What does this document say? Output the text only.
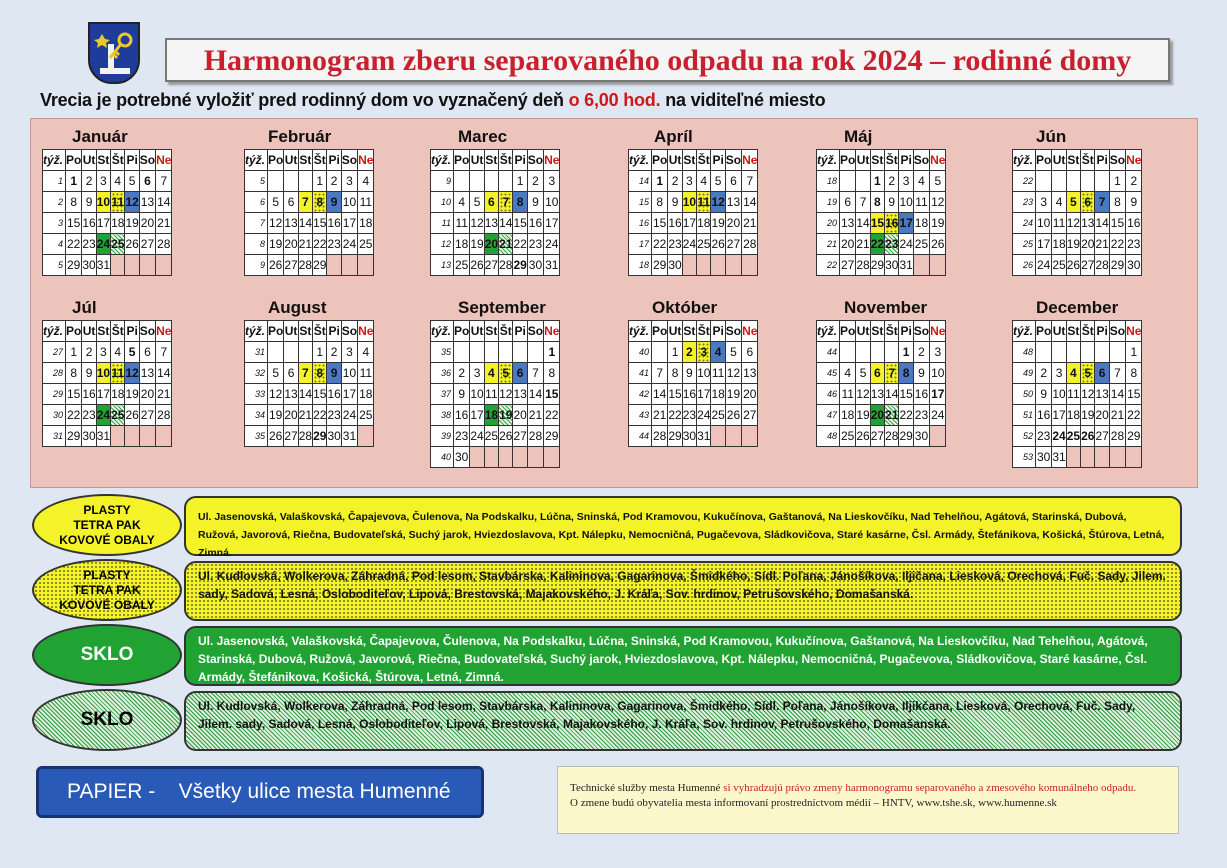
Harmonogram zberu separovaného odpadu na rok 2024 – rodinné domy
Vrecia je potrebné vyložiť pred rodinný dom vo vyznačený deň o 6,00 hod. na viditeľné miesto
Január
týž.	Po	Ut	St	Št	Pi	So	Ne
1	1	2	3	4	5	6	7
2	8	9	10	11	12	13	14
3	15	16	17	18	19	20	21
4	22	23	24	25	26	27	28
5	29	30	31				
Február
týž.	Po	Ut	St	Št	Pi	So	Ne
5				1	2	3	4
6	5	6	7	8	9	10	11
7	12	13	14	15	16	17	18
8	19	20	21	22	23	24	25
9	26	27	28	29			
Marec
týž.	Po	Ut	St	Št	Pi	So	Ne
9					1	2	3
10	4	5	6	7	8	9	10
11	11	12	13	14	15	16	17
12	18	19	20	21	22	23	24
13	25	26	27	28	29	30	31
Apríl
týž.	Po	Ut	St	Št	Pi	So	Ne
14	1	2	3	4	5	6	7
15	8	9	10	11	12	13	14
16	15	16	17	18	19	20	21
17	22	23	24	25	26	27	28
18	29	30					
Máj
týž.	Po	Ut	St	Št	Pi	So	Ne
18			1	2	3	4	5
19	6	7	8	9	10	11	12
20	13	14	15	16	17	18	19
21	20	21	22	23	24	25	26
22	27	28	29	30	31		
Jún
týž.	Po	Ut	St	Št	Pi	So	Ne
22						1	2
23	3	4	5	6	7	8	9
24	10	11	12	13	14	15	16
25	17	18	19	20	21	22	23
26	24	25	26	27	28	29	30
Júl
týž.	Po	Ut	St	Št	Pi	So	Ne
27	1	2	3	4	5	6	7
28	8	9	10	11	12	13	14
29	15	16	17	18	19	20	21
30	22	23	24	25	26	27	28
31	29	30	31				
August
týž.	Po	Ut	St	Št	Pi	So	Ne
31				1	2	3	4
32	5	6	7	8	9	10	11
33	12	13	14	15	16	17	18
34	19	20	21	22	23	24	25
35	26	27	28	29	30	31	
September
týž.	Po	Ut	St	Št	Pi	So	Ne
35							1
36	2	3	4	5	6	7	8
37	9	10	11	12	13	14	15
38	16	17	18	19	20	21	22
39	23	24	25	26	27	28	29
40	30						
Október
týž.	Po	Ut	St	Št	Pi	So	Ne
40		1	2	3	4	5	6
41	7	8	9	10	11	12	13
42	14	15	16	17	18	19	20
43	21	22	23	24	25	26	27
44	28	29	30	31			
November
týž.	Po	Ut	St	Št	Pi	So	Ne
44					1	2	3
45	4	5	6	7	8	9	10
46	11	12	13	14	15	16	17
47	18	19	20	21	22	23	24
48	25	26	27	28	29	30	
December
týž.	Po	Ut	St	Št	Pi	So	Ne
48							1
49	2	3	4	5	6	7	8
50	9	10	11	12	13	14	15
51	16	17	18	19	20	21	22
52	23	24	25	26	27	28	29
53	30	31					
PLASTY
TETRA PAK
KOVOVÉ OBALY
Ul. Jasenovská, Valaškovská, Čapajevova, Čulenova, Na Podskalku, Lúčna, Sninská, Pod Kramovou, Kukučínova, Gaštanová, Na Lieskovčíku, Nad Tehelňou, Agátová, Starinská, Dubová, Ružová, Javorová, Riečna, Budovateľská, Suchý jarok, Hviezdoslavova, Kpt. Nálepku, Nemocničná, Pugačevova, Sládkovičova, Staré kasárne, Čsl. Armády, Štefánikova, Košická, Štúrova, Letná, Zimná.
PLASTY
TETRA PAK
KOVOVÉ OBALY
Ul. Kudlovská, Wolkerova, Záhradná, Pod lesom, Stavbárska, Kalininova, Gagarinova, Šmidkého, Sídl. Poľana, Jánošíkova, Iljičana, Liesková, Orechová, Fuč. Sady, Jilem. sady, Sadová, Lesná, Osloboditeľov, Lipová, Brestovská, Majakovského, J. Kráľa, Sov. hrdinov, Petrušovského, Domašanská.
SKLO
Ul. Jasenovská, Valaškovská, Čapajevova, Čulenova, Na Podskalku, Lúčna, Sninská, Pod Kramovou, Kukučínova, Gaštanová, Na Lieskovčíku, Nad Tehelňou, Agátová, Starinská, Dubová, Ružová, Javorová, Riečna, Budovateľská, Suchý jarok, Hviezdoslavova, Kpt. Nálepku, Nemocničná, Pugačevova, Sládkovičova, Staré kasárne, Čsl. Armády, Štefánikova, Košická, Štúrova, Letná, Zimná.
SKLO
Ul. Kudlovská, Wolkerova, Záhradná, Pod lesom, Stavbárska, Kalininova, Gagarinova, Šmidkého, Sídl. Poľana, Jánošíkova, Iljikčana, Liesková, Orechová, Fuč. Sady, Jilem. sady, Sadová, Lesná, Osloboditeľov, Lipová, Brestovská, Majakovského, J. Kráľa, Sov. hrdinov, Petrušovského, Domašanská.
PAPIER -    Všetky ulice mesta Humenné	Technické služby mesta Humenné si vyhradzujú právo zmeny harmonogramu separovaného a zmesového komunálneho odpadu.
O zmene budú obyvatelia mesta informovaní prostredníctvom médií – HNTV, www.tshe.sk, www.humenne.sk
